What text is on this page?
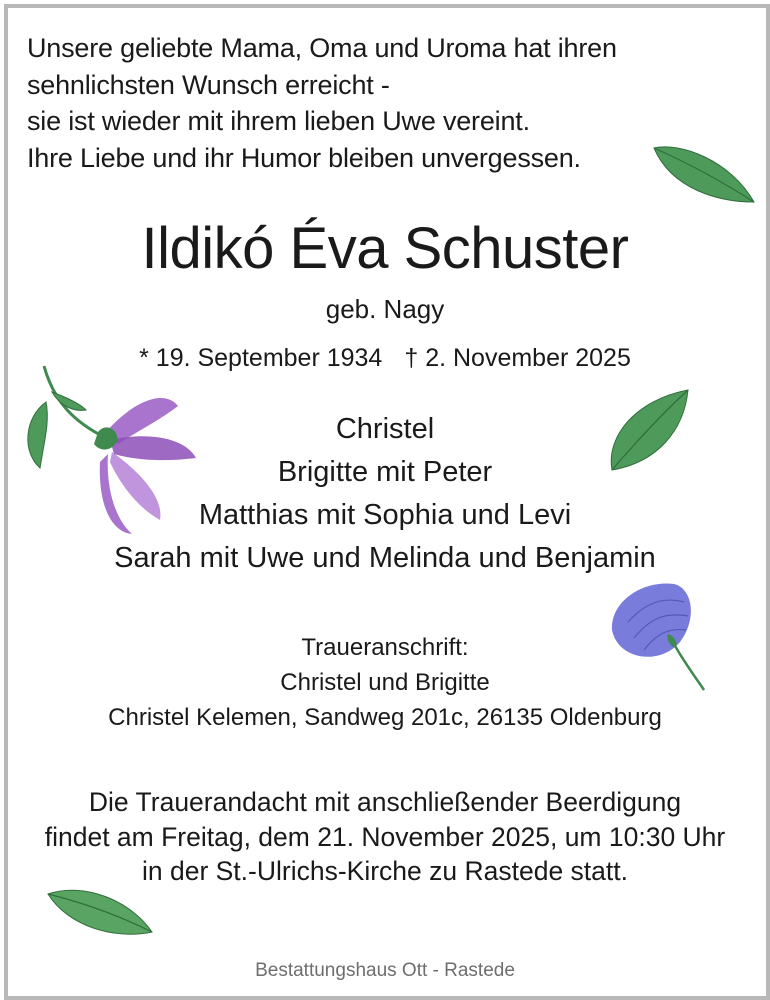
Unsere geliebte Mama, Oma und Uroma hat ihren
sehnlichsten Wunsch erreicht -
sie ist wieder mit ihrem lieben Uwe vereint.
Ihre Liebe und ihr Humor bleiben unvergessen.
Ildikó Éva Schuster
geb. Nagy
* 19. September 1934 † 2. November 2025
Christel
Brigitte mit Peter
Matthias mit Sophia und Levi
Sarah mit Uwe und Melinda und Benjamin
Traueranschrift:
Christel und Brigitte
Christel Kelemen, Sandweg 201c, 26135 Oldenburg
Die Trauerandacht mit anschließender Beerdigung
findet am Freitag, dem 21. November 2025, um 10:30 Uhr
in der St.-Ulrichs-Kirche zu Rastede statt.
Bestattungshaus Ott - Rastede
